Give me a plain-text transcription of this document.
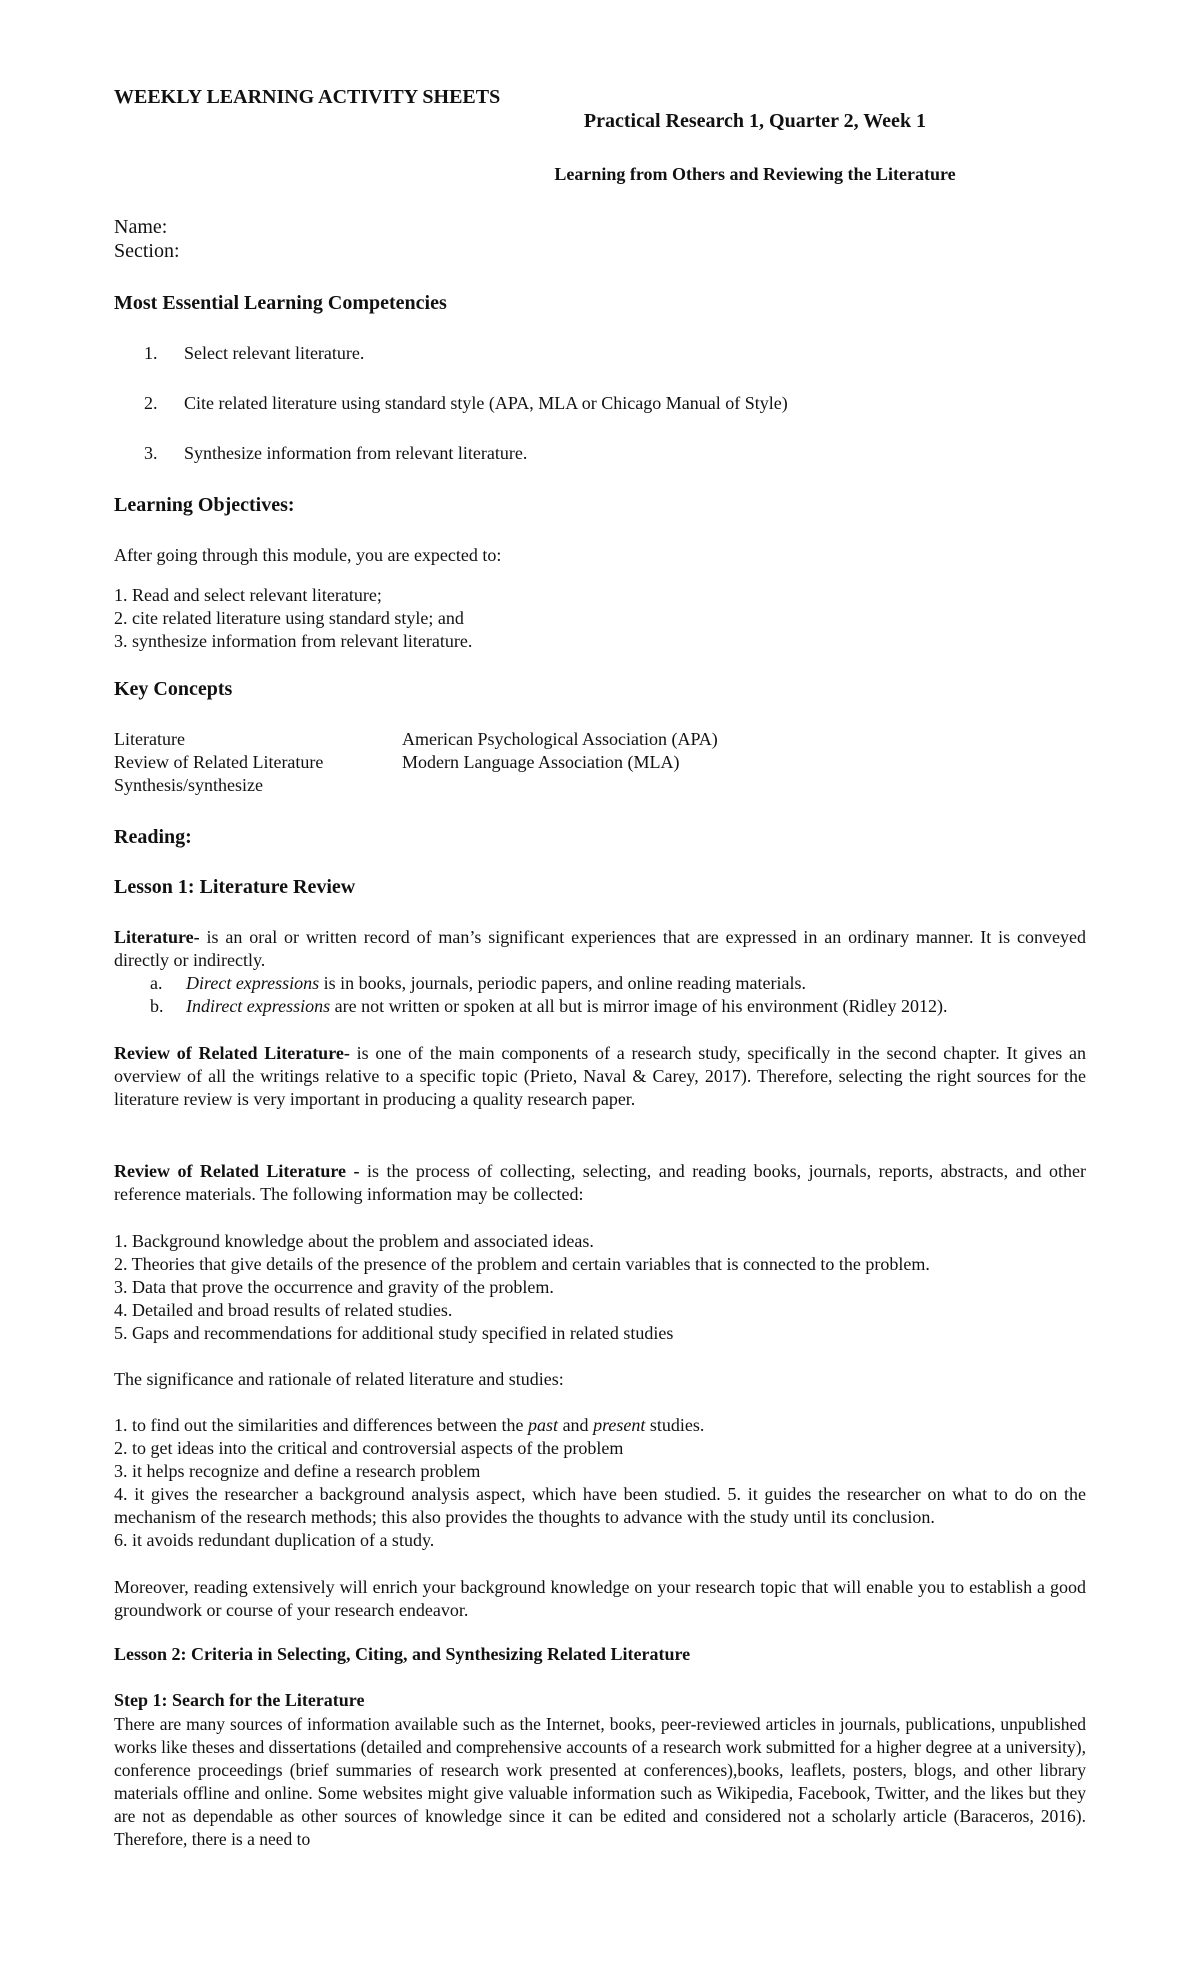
WEEKLY LEARNING ACTIVITY SHEETS
Practical Research 1, Quarter 2, Week 1
Learning from Others and Reviewing the Literature
Name:
Section:
Most Essential Learning Competencies
1. Select relevant literature.
2. Cite related literature using standard style (APA, MLA or Chicago Manual of Style)
3. Synthesize information from relevant literature.
Learning Objectives:
After going through this module, you are expected to:
1. Read and select relevant literature;
2. cite related literature using standard style; and
3. synthesize information from relevant literature.
Key Concepts
Literature
Review of Related Literature
Synthesis/synthesize
American Psychological Association (APA)
Modern Language Association (MLA)
Reading:
Lesson 1: Literature Review
Literature- is an oral or written record of man’s significant experiences that are expressed in an ordinary manner. It is conveyed directly or indirectly.
a. Direct expressions is in books, journals, periodic papers, and online reading materials.
b. Indirect expressions are not written or spoken at all but is mirror image of his environment (Ridley 2012).
Review of Related Literature- is one of the main components of a research study, specifically in the second chapter. It gives an overview of all the writings relative to a specific topic (Prieto, Naval & Carey, 2017). Therefore, selecting the right sources for the literature review is very important in producing a quality research paper.
Review of Related Literature - is the process of collecting, selecting, and reading books, journals, reports, abstracts, and other reference materials. The following information may be collected:
1. Background knowledge about the problem and associated ideas.
2. Theories that give details of the presence of the problem and certain variables that is connected to the problem.
3. Data that prove the occurrence and gravity of the problem.
4. Detailed and broad results of related studies.
5. Gaps and recommendations for additional study specified in related studies
The significance and rationale of related literature and studies:
1. to find out the similarities and differences between the past and present studies.
2. to get ideas into the critical and controversial aspects of the problem
3. it helps recognize and define a research problem
4. it gives the researcher a background analysis aspect, which have been studied. 5. it guides the researcher on what to do on the mechanism of the research methods; this also provides the thoughts to advance with the study until its conclusion.
6. it avoids redundant duplication of a study.
Moreover, reading extensively will enrich your background knowledge on your research topic that will enable you to establish a good groundwork or course of your research endeavor.
Lesson 2: Criteria in Selecting, Citing, and Synthesizing Related Literature
Step 1: Search for the Literature
There are many sources of information available such as the Internet, books, peer-reviewed articles in journals, publications, unpublished works like theses and dissertations (detailed and comprehensive accounts of a research work submitted for a higher degree at a university), conference proceedings (brief summaries of research work presented at conferences),books, leaflets, posters, blogs, and other library materials offline and online. Some websites might give valuable information such as Wikipedia, Facebook, Twitter, and the likes but they are not as dependable as other sources of knowledge since it can be edited and considered not a scholarly article (Baraceros, 2016). Therefore, there is a need to
